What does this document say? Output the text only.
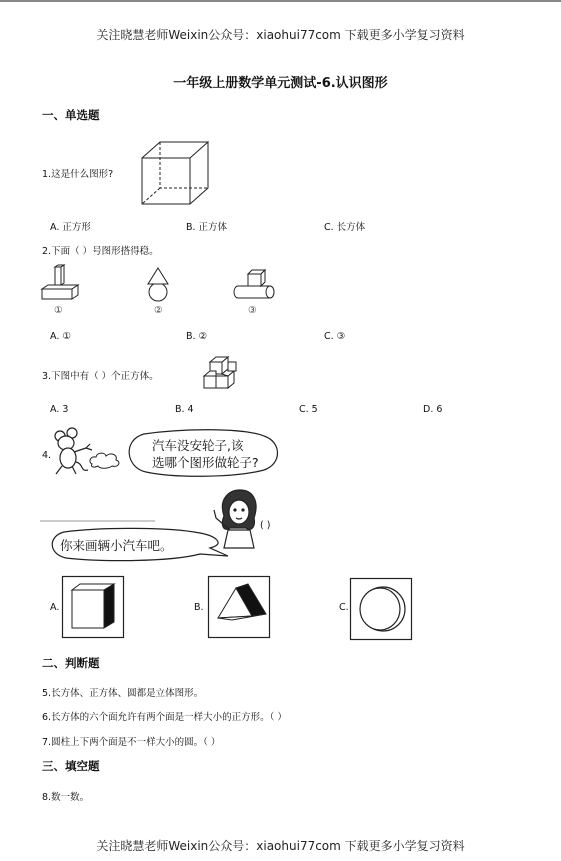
关注晓慧老师Weixin公众号：xiaohui77com 下载更多小学复习资料
一年级上册数学单元测试-6.认识图形
一、单选题
1.这是什么图形?
A. 正方形	B. 正方体	C. 长方体
2.下面（ ）号图形搭得稳。
①	②	③
A. ①	B. ②	C. ③
3.下图中有（ ）个正方体。
A. 3	B. 4	C. 5	D. 6
4.
汽车没安轮子,该
选哪个图形做轮子?
( )
你来画辆小汽车吧。
A.	B.	C.
二、判断题
5.长方体、正方体、圆都是立体图形。
6.长方体的六个面允许有两个面是一样大小的正方形。（ ）
7.圆柱上下两个面是不一样大小的圆。（ ）
三、填空题
8.数一数。
关注晓慧老师Weixin公众号：xiaohui77com 下载更多小学复习资料
